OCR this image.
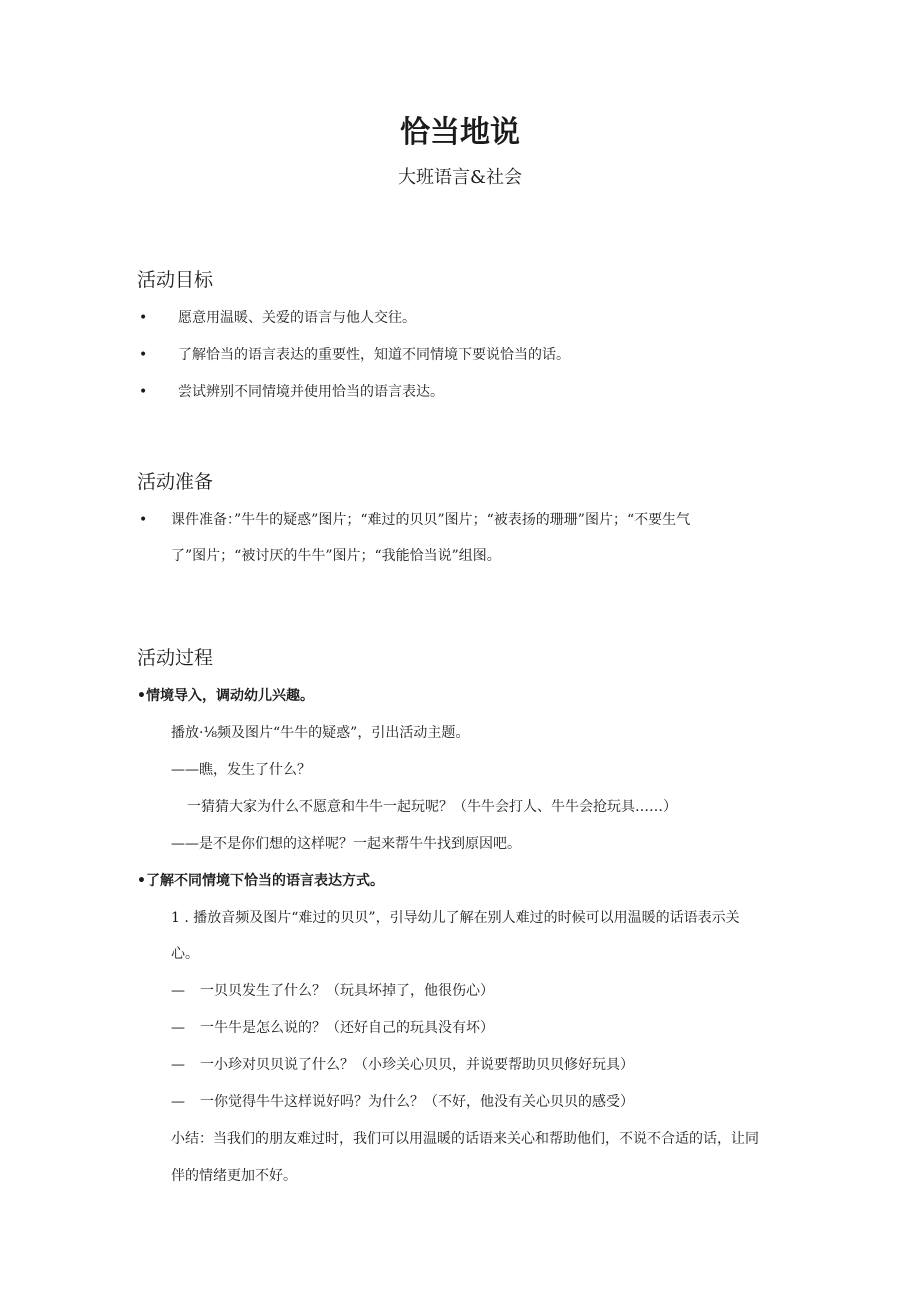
恰当地说
大班语言&社会
活动目标
• 愿意用温暖、关爱的语言与他人交往。
• 了解恰当的语言表达的重要性，知道不同情境下要说恰当的话。
• 尝试辨别不同情境并使用恰当的语言表达。
活动准备
• 课件准备：”牛牛的疑惑”图片；“难过的贝贝”图片；“被表扬的珊珊”图片；“不要生气
了”图片；“被讨厌的牛牛”图片；“我能恰当说”组图。
活动过程
•情境导入，调动幼儿兴趣。
播放·⅛频及图片“牛牛的疑惑”，引出活动主题。
——瞧，发生了什么？
一猜猜大家为什么不愿意和牛牛一起玩呢？（牛牛会打人、牛牛会抢玩具……）
——是不是你们想的这样呢？一起来帮牛牛找到原因吧。
•了解不同情境下恰当的语言表达方式。
1 . 播放音频及图片“难过的贝贝”，引导幼儿了解在别人难过的时候可以用温暖的话语表示关
心。
— 一贝贝发生了什么？（玩具坏掉了，他很伤心）
— 一牛牛是怎么说的？（还好自己的玩具没有坏）
— 一小珍对贝贝说了什么？（小珍关心贝贝，并说要帮助贝贝修好玩具）
— 一你觉得牛牛这样说好吗？为什么？（不好，他没有关心贝贝的感受）
小结：当我们的朋友难过时，我们可以用温暖的话语来关心和帮助他们，不说不合适的话，让同
伴的情绪更加不好。
